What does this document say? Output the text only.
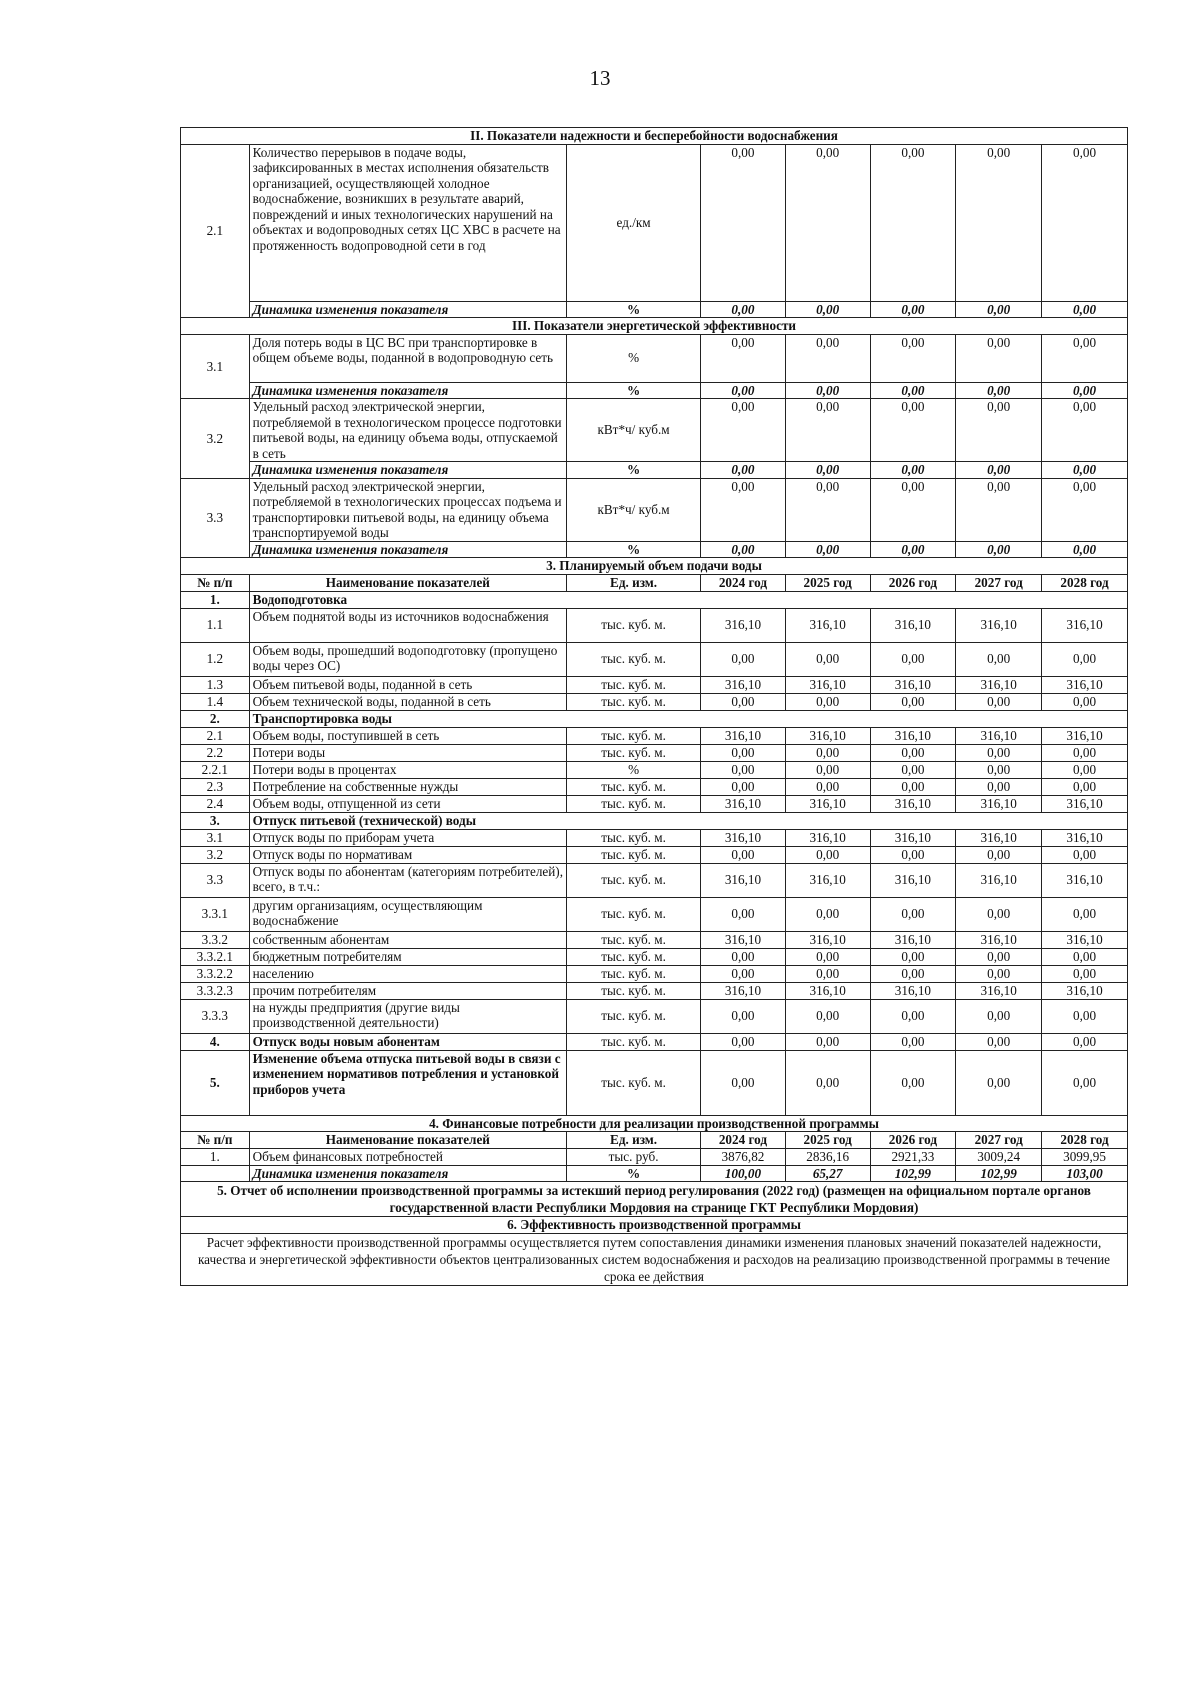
13
II. Показатели надежности и бесперебойности водоснабжения							
2.1	Количество перерывов в подаче воды, зафиксированных в местах исполнения обязательств организацией, осуществляющей холодное водоснабжение, возникших в результате аварий, повреждений и иных технологических нарушений на объектах и водопроводных сетях ЦС ХВС в расчете на протяженность водопроводной сети в год	ед./км	0,00	0,00	0,00	0,00	0,00
	Динамика изменения показателя	%	0,00	0,00	0,00	0,00	0,00
III. Показатели энергетической эффективности							
3.1	Доля потерь воды в ЦС ВС при транспортировке в общем объеме воды, поданной в водопроводную сеть	%	0,00	0,00	0,00	0,00	0,00
	Динамика изменения показателя	%	0,00	0,00	0,00	0,00	0,00
3.2	Удельный расход электрической энергии, потребляемой в технологическом процессе подготовки питьевой воды, на единицу объема воды, отпускаемой в сеть	кВт*ч/ куб.м	0,00	0,00	0,00	0,00	0,00
	Динамика изменения показателя	%	0,00	0,00	0,00	0,00	0,00
3.3	Удельный расход электрической энергии, потребляемой в технологических процессах подъема и транспортировки питьевой воды, на единицу объема транспортируемой воды	кВт*ч/ куб.м	0,00	0,00	0,00	0,00	0,00
	Динамика изменения показателя	%	0,00	0,00	0,00	0,00	0,00
3. Планируемый объем подачи воды							
№ п/п	Наименование показателей	Ед. изм.	2024 год	2025 год	2026 год	2027 год	2028 год
1.	Водоподготовка						
1.1	Объем поднятой воды из источников водоснабжения	тыс. куб. м.	316,10	316,10	316,10	316,10	316,10
1.2	Объем воды, прошедший водоподготовку (пропущено воды через ОС)	тыс. куб. м.	0,00	0,00	0,00	0,00	0,00
1.3	Объем питьевой воды, поданной в сеть	тыс. куб. м.	316,10	316,10	316,10	316,10	316,10
1.4	Объем технической воды, поданной в сеть	тыс. куб. м.	0,00	0,00	0,00	0,00	0,00
2.	Транспортировка воды						
2.1	Объем воды, поступившей в сеть	тыс. куб. м.	316,10	316,10	316,10	316,10	316,10
2.2	Потери воды	тыс. куб. м.	0,00	0,00	0,00	0,00	0,00
2.2.1	Потери воды в процентах	%	0,00	0,00	0,00	0,00	0,00
2.3	Потребление на собственные нужды	тыс. куб. м.	0,00	0,00	0,00	0,00	0,00
2.4	Объем воды, отпущенной из сети	тыс. куб. м.	316,10	316,10	316,10	316,10	316,10
3.	Отпуск питьевой (технической) воды						
3.1	Отпуск воды по приборам учета	тыс. куб. м.	316,10	316,10	316,10	316,10	316,10
3.2	Отпуск воды по нормативам	тыс. куб. м.	0,00	0,00	0,00	0,00	0,00
3.3	Отпуск воды по абонентам (категориям потребителей), всего, в т.ч.:	тыс. куб. м.	316,10	316,10	316,10	316,10	316,10
3.3.1	другим организациям, осуществляющим водоснабжение	тыс. куб. м.	0,00	0,00	0,00	0,00	0,00
3.3.2	собственным абонентам	тыс. куб. м.	316,10	316,10	316,10	316,10	316,10
3.3.2.1	бюджетным потребителям	тыс. куб. м.	0,00	0,00	0,00	0,00	0,00
3.3.2.2	населению	тыс. куб. м.	0,00	0,00	0,00	0,00	0,00
3.3.2.3	прочим потребителям	тыс. куб. м.	316,10	316,10	316,10	316,10	316,10
3.3.3	на нужды предприятия (другие виды производственной деятельности)	тыс. куб. м.	0,00	0,00	0,00	0,00	0,00
4.	Отпуск воды новым абонентам	тыс. куб. м.	0,00	0,00	0,00	0,00	0,00
5.	Изменение объема отпуска питьевой воды в связи с изменением нормативов потребления и установкой приборов учета	тыс. куб. м.	0,00	0,00	0,00	0,00	0,00
4. Финансовые потребности для реализации производственной программы							
№ п/п	Наименование показателей	Ед. изм.	2024 год	2025 год	2026 год	2027 год	2028 год
1.	Объем финансовых потребностей	тыс. руб.	3876,82	2836,16	2921,33	3009,24	3099,95
	Динамика изменения показателя	%	100,00	65,27	102,99	102,99	103,00
5. Отчет об исполнении производственной программы за истекший период регулирования (2022 год) (размещен на официальном портале органов государственной власти Республики Мордовия на странице ГКТ Республики Мордовия)							
6. Эффективность производственной программы							
Расчет эффективности производственной программы осуществляется путем сопоставления динамики изменения плановых значений показателей надежности, качества и энергетической эффективности объектов централизованных систем водоснабжения и расходов на реализацию производственной программы в течение срока ее действия							
